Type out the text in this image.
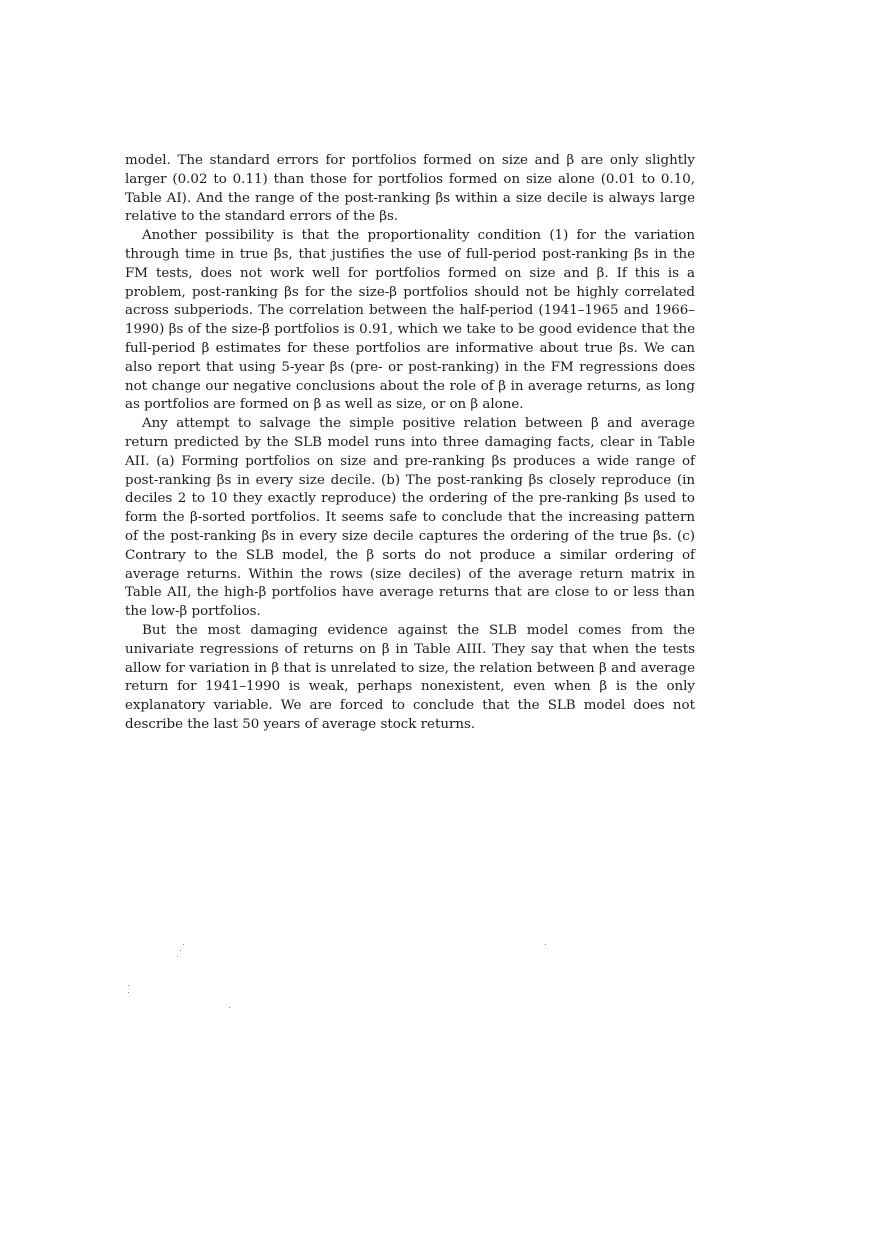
model. The standard errors for portfolios formed on size and β are only slightly larger (0.02 to 0.11) than those for portfolios formed on size alone (0.01 to 0.10, Table AI). And the range of the post-ranking βs within a size decile is always large relative to the standard errors of the βs.

Another possibility is that the proportionality condition (1) for the variation through time in true βs, that justifies the use of full-period post-ranking βs in the FM tests, does not work well for portfolios formed on size and β. If this is a problem, post-ranking βs for the size-β portfolios should not be highly correlated across subperiods. The correlation between the half-period (1941–1965 and 1966–1990) βs of the size-β portfolios is 0.91, which we take to be good evidence that the full-period β estimates for these portfolios are informative about true βs. We can also report that using 5-year βs (pre- or post-ranking) in the FM regressions does not change our negative conclusions about the role of β in average returns, as long as portfolios are formed on β as well as size, or on β alone.

Any attempt to salvage the simple positive relation between β and average return predicted by the SLB model runs into three damaging facts, clear in Table AII. (a) Forming portfolios on size and pre-ranking βs produces a wide range of post-ranking βs in every size decile. (b) The post-ranking βs closely reproduce (in deciles 2 to 10 they exactly reproduce) the ordering of the pre-ranking βs used to form the β-sorted portfolios. It seems safe to conclude that the increasing pattern of the post-ranking βs in every size decile captures the ordering of the true βs. (c) Contrary to the SLB model, the β sorts do not produce a similar ordering of average returns. Within the rows (size deciles) of the average return matrix in Table AII, the high-β portfolios have average returns that are close to or less than the low-β portfolios.

But the most damaging evidence against the SLB model comes from the univariate regressions of returns on β in Table AIII. They say that when the tests allow for variation in β that is unrelated to size, the relation between β and average return for 1941–1990 is weak, perhaps nonexistent, even when β is the only explanatory variable. We are forced to conclude that the SLB model does not describe the last 50 years of average stock returns.
